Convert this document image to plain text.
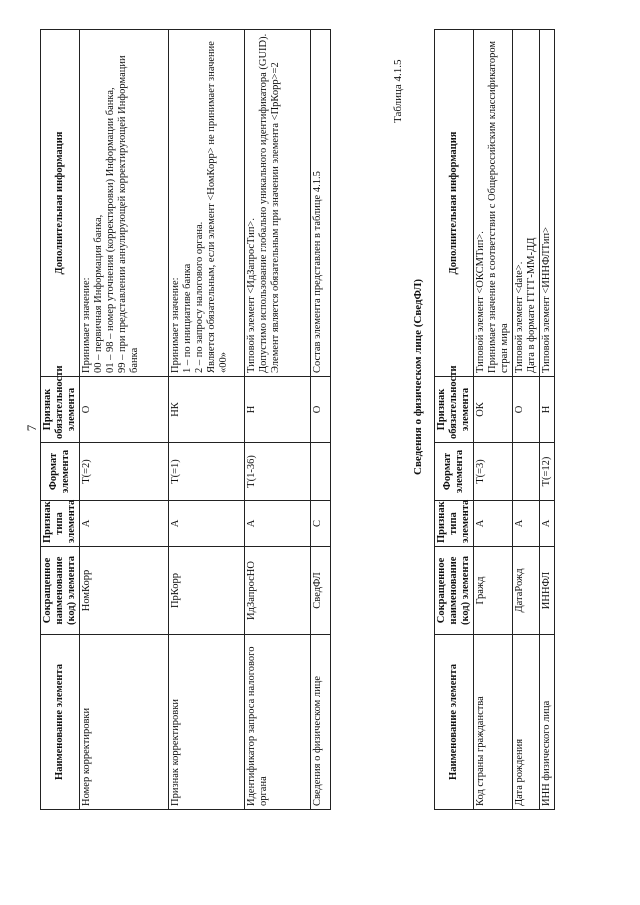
7
Наименование элемента	Сокращенное наименование (код) элемента	Признак типа элемента	Формат элемента	Признак обязательности элемента	Дополнительная информация
Номер корректировки	НомКорр	А	T(=2)	О	Принимает значение: 00 – первичная Информация банка, 01 – 98 – номер уточнения (корректировки) Информации банка, 99 – при представлении аннулирующей корректирующей Информации банка

Признак корректировки	ПрКорр	А	T(=1)	НК	Принимает значение: 1 – по инициативе банка 2 – по запросу налогового органа. Является обязательным, если элемент <НомКорр> не принимает значение «00»

Идентификатор запроса налогового органа	ИдЗапросНО	А	T(1-36)	Н	Типовой элемент <ИдЗапросТип>. Допустимо использование глобально уникального идентификатора (GUID). Элемент является обязательным при значении элемента <ПрКорр>=2

Сведения о физическом лице	СведФЛ	С		О	Состав элемента представлен в таблице 4.1.5
Таблица 4.1.5
Сведения о физическом лице (СведФЛ)
Наименование элемента	Сокращенное наименование (код) элемента	Признак типа элемента	Формат элемента	Признак обязательности элемента	Дополнительная информация
Код страны гражданства	Гражд	А	T(=3)	ОК	Типовой элемент <ОКСМТип>. Принимает значение в соответствии с Общероссийским классификатором стран мира

Дата рождения	ДатаРожд	А		О	Типовой элемент <date>. Дата в формате ГГГГ-ММ-ДД

ИНН физического лица	ИННФЛ	А	T(=12)	Н	Типовой элемент <ИННФЛТип>
